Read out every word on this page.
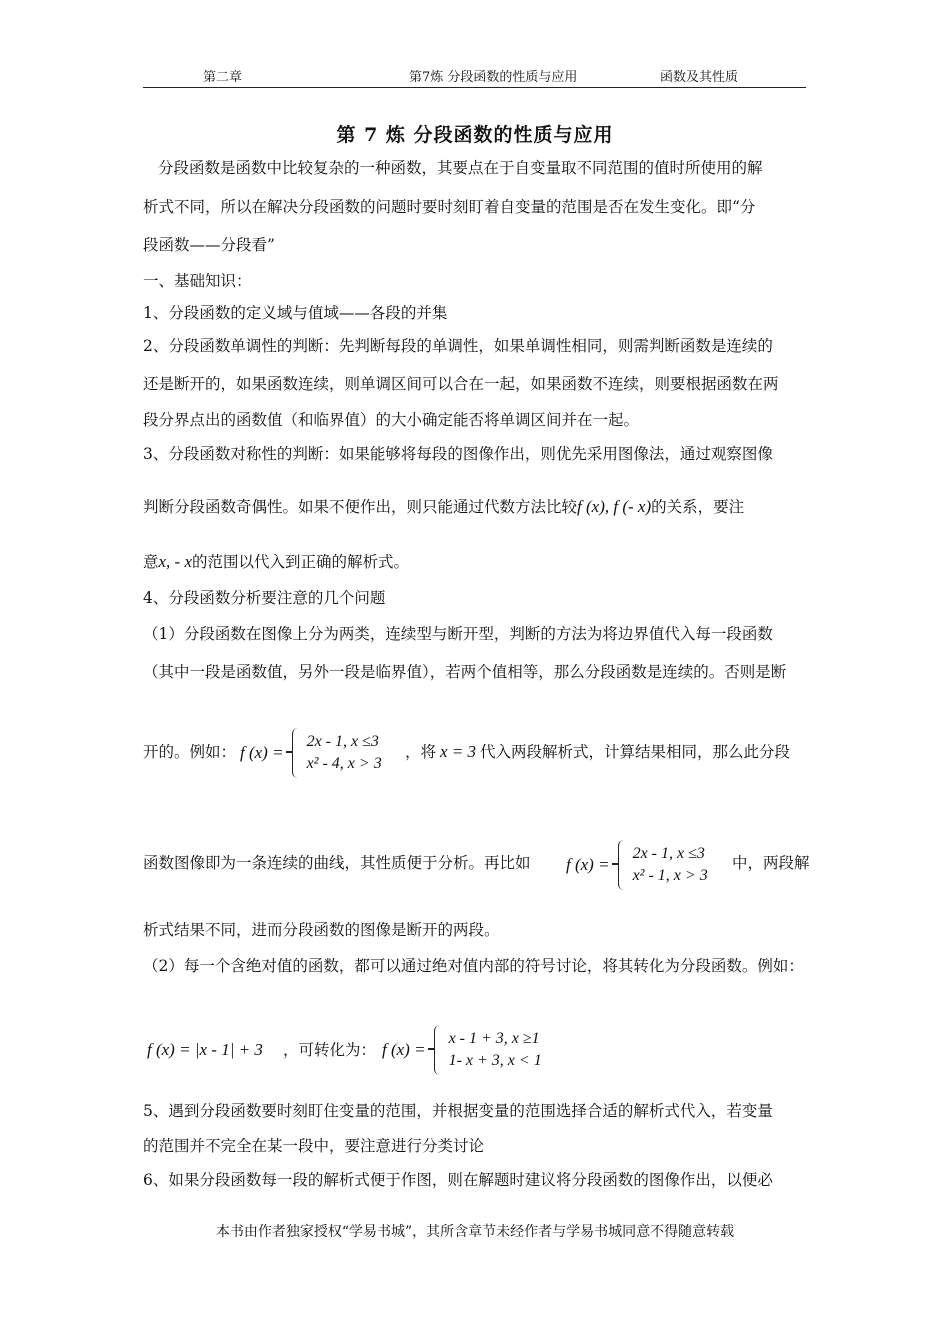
第二章	第7炼 分段函数的性质与应用	函数及其性质
第 7 炼 分段函数的性质与应用
分段函数是函数中比较复杂的一种函数，其要点在于自变量取不同范围的值时所使用的解
析式不同，所以在解决分段函数的问题时要时刻盯着自变量的范围是否在发生变化。即“分
段函数——分段看”
一、基础知识：
1、分段函数的定义域与值域——各段的并集
2、分段函数单调性的判断：先判断每段的单调性，如果单调性相同，则需判断函数是连续的
还是断开的，如果函数连续，则单调区间可以合在一起，如果函数不连续，则要根据函数在两
段分界点出的函数值（和临界值）的大小确定能否将单调区间并在一起。
3、分段函数对称性的判断：如果能够将每段的图像作出，则优先采用图像法，通过观察图像
判断分段函数奇偶性。如果不便作出，则只能通过代数方法比较f (x), f (- x)的关系，要注
意x, - x的范围以代入到正确的解析式。
4、分段函数分析要注意的几个问题
（1）分段函数在图像上分为两类，连续型与断开型，判断的方法为将边界值代入每一段函数
（其中一段是函数值，另外一段是临界值），若两个值相等，那么分段函数是连续的。否则是断
开的。例如： f (x) =
2x - 1, x ≤3
x² - 4, x > 3
，将 x = 3 代入两段解析式，计算结果相同，那么此分段
函数图像即为一条连续的曲线，其性质便于分析。再比如	f (x) =
2x - 1, x ≤3
x² - 1, x > 3
中，两段解
析式结果不同，进而分段函数的图像是断开的两段。
（2）每一个含绝对值的函数，都可以通过绝对值内部的符号讨论，将其转化为分段函数。例如：
f (x) = |x - 1| + 3 ，可转化为： f (x) =
x - 1 + 3, x ≥1
1- x + 3, x < 1
5、遇到分段函数要时刻盯住变量的范围，并根据变量的范围选择合适的解析式代入，若变量
的范围并不完全在某一段中，要注意进行分类讨论
6、如果分段函数每一段的解析式便于作图，则在解题时建议将分段函数的图像作出，以便必
本书由作者独家授权“学易书城”，其所含章节未经作者与学易书城同意不得随意转载
